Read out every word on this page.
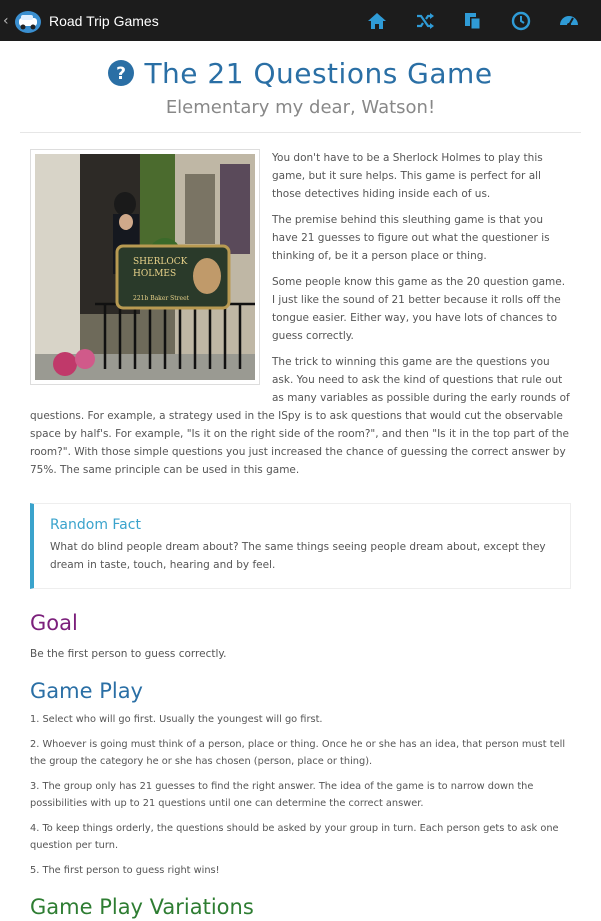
‹	Road Trip Games
? The 21 Questions Game
Elementary my dear, Watson!
SHERLOCK
HOLMES
221b Baker Street

You don't have to be a Sherlock Holmes to play this game, but it sure helps. This game is perfect for all those detectives hiding inside each of us.

The premise behind this sleuthing game is that you have 21 guesses to figure out what the questioner is thinking of, be it a person place or thing.

Some people know this game as the 20 question game. I just like the sound of 21 better because it rolls off the tongue easier. Either way, you have lots of chances to guess correctly.

The trick to winning this game are the questions you ask. You need to ask the kind of questions that rule out as many variables as possible during the early rounds of questions. For example, a strategy used in the ISpy is to ask questions that would cut the observable space by half's. For example, "Is it on the right side of the room?", and then "Is it in the top part of the room?". With those simple questions you just increased the chance of guessing the correct answer by 75%. The same principle can be used in this game.

Random Fact
What do blind people dream about? The same things seeing people dream about, except they dream in taste, touch, hearing and by feel.
Goal
Be the first person to guess correctly.
Game Play

1. Select who will go first. Usually the youngest will go first.

2. Whoever is going must think of a person, place or thing. Once he or she has an idea, that person must tell the group the category he or she has chosen (person, place or thing).

3. The group only has 21 guesses to find the right answer. The idea of the game is to narrow down the possibilities with up to 21 questions until one can determine the correct answer.

4. To keep things orderly, the questions should be asked by your group in turn. Each person gets to ask one question per turn.

5. The first person to guess right wins!

Game Play Variations
